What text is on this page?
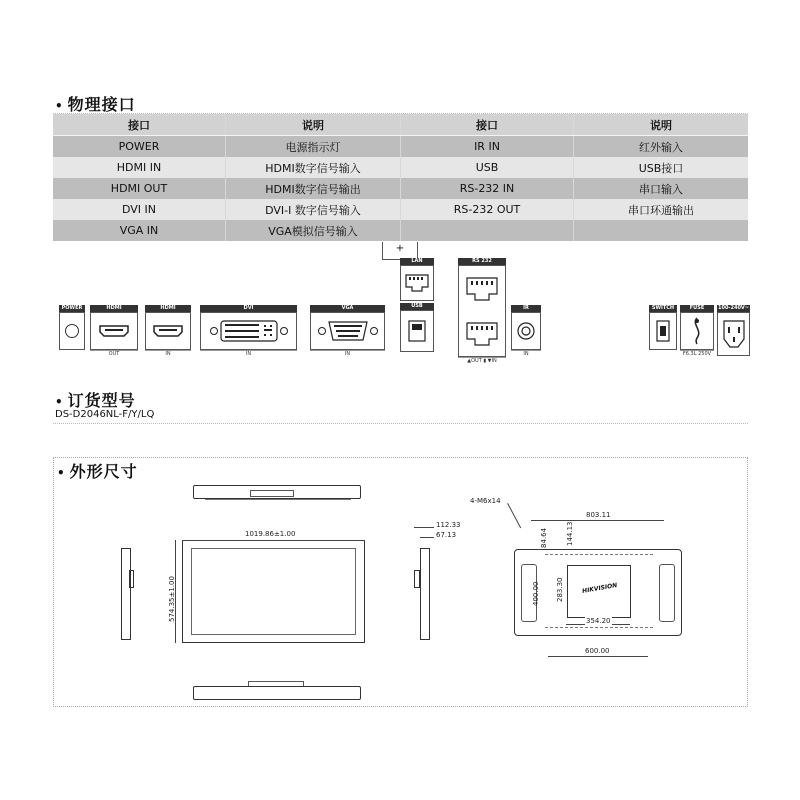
• 物理接口
接口	说明	接口	说明
POWER	电源指示灯	IR IN	红外输入
HDMI IN	HDMI数字信号输入	USB	USB接口
HDMI OUT	HDMI数字信号输出	RS-232 IN	串口输入
DVI IN	DVI-I 数字信号输入	RS-232 OUT	串口环通输出
VGA IN	VGA模拟信号输入
+
POWER	HDMI
OUT
HDMI
IN
DVI
IN
VGA
IN
LAN
USB
RS 232
▲OUT ▮ ▼IN
IR
IN
SWITCH	FUSE
F6.3L 250V
100-240V~
• 订货型号
DS-D2046NL-F/Y/LQ
• 外形尺寸
1019.86±1.00
574.35±1.00
112.33
67.13
HIKVISION
4-M6x14
803.11
84.64	144.13
400.00 283.30
354.20
600.00
